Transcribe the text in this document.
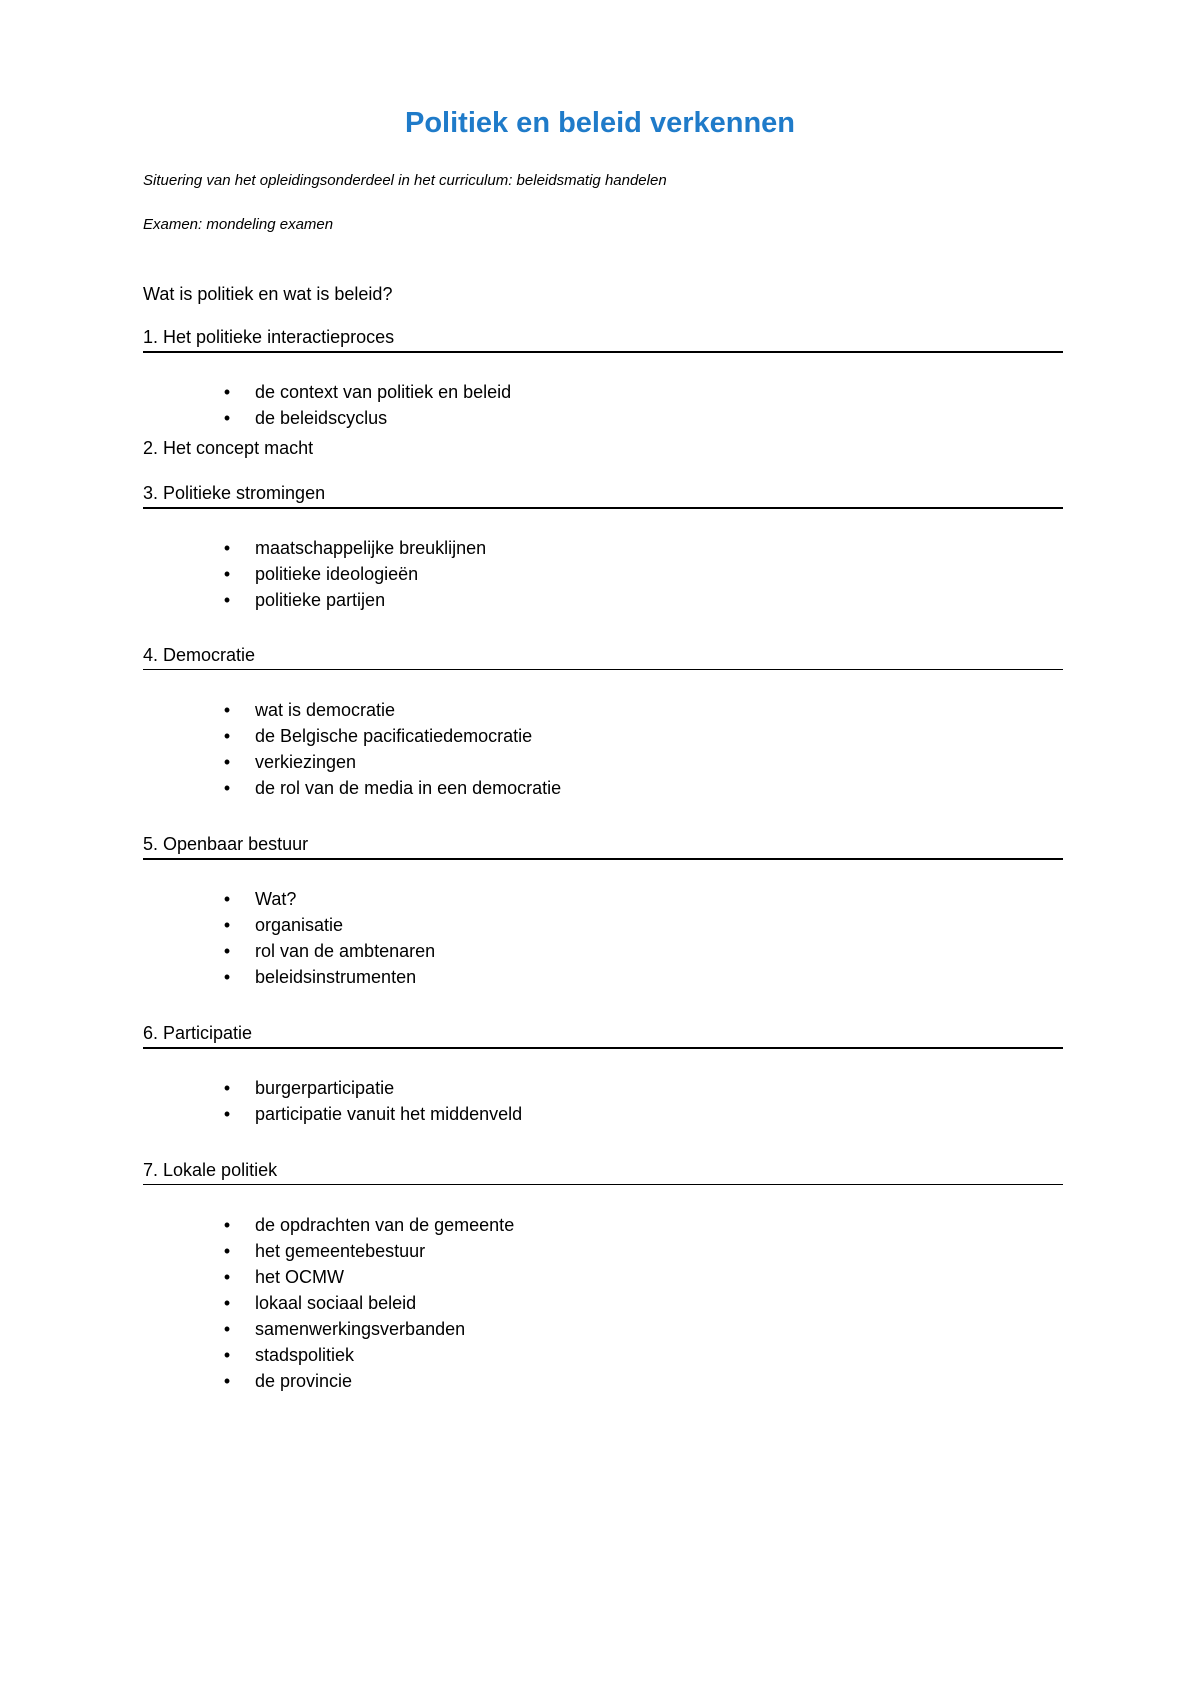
Politiek en beleid verkennen

Situering van het opleidingsonderdeel in het curriculum: beleidsmatig handelen

Examen: mondeling examen

Wat is politiek en wat is beleid?

1. Het politieke interactieproces

• de context van politiek en beleid
• de beleidscyclus

2. Het concept macht

3. Politieke stromingen

• maatschappelijke breuklijnen
• politieke ideologieën
• politieke partijen

4. Democratie

• wat is democratie
• de Belgische pacificatiedemocratie
• verkiezingen
• de rol van de media in een democratie

5. Openbaar bestuur

• Wat?
• organisatie
• rol van de ambtenaren
• beleidsinstrumenten

6. Participatie

• burgerparticipatie
• participatie vanuit het middenveld

7. Lokale politiek

• de opdrachten van de gemeente
• het gemeentebestuur
• het OCMW
• lokaal sociaal beleid
• samenwerkingsverbanden
• stadspolitiek
• de provincie
